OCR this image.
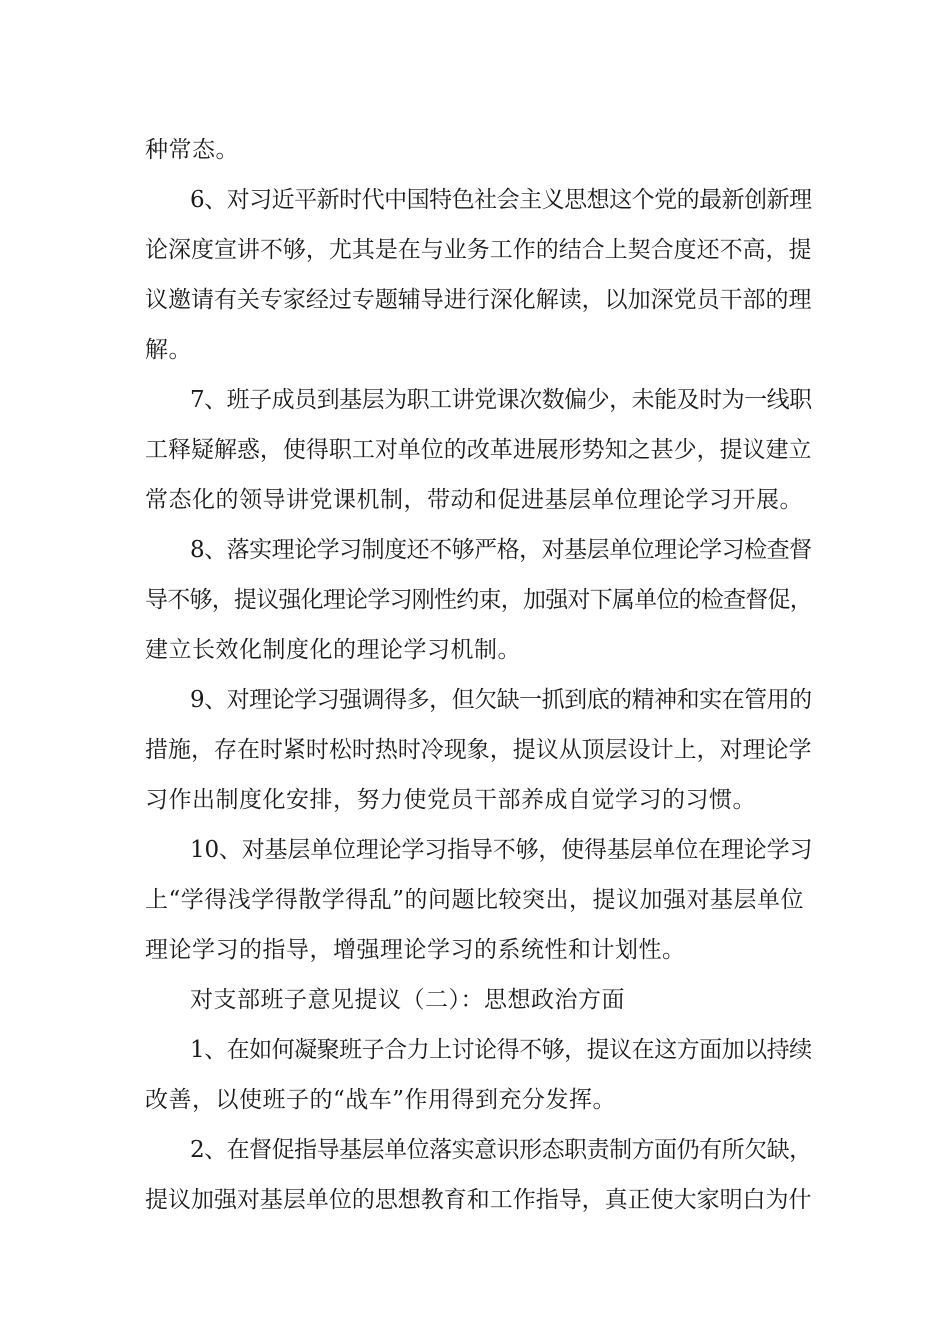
种常态。

6、对习近平新时代中国特色社会主义思想这个党的最新创新理

论深度宣讲不够，尤其是在与业务工作的结合上契合度还不高，提

议邀请有关专家经过专题辅导进行深化解读，以加深党员干部的理

解。

7、班子成员到基层为职工讲党课次数偏少，未能及时为一线职

工释疑解惑，使得职工对单位的改革进展形势知之甚少，提议建立

常态化的领导讲党课机制，带动和促进基层单位理论学习开展。

8、落实理论学习制度还不够严格，对基层单位理论学习检查督

导不够，提议强化理论学习刚性约束，加强对下属单位的检查督促，

建立长效化制度化的理论学习机制。

9、对理论学习强调得多，但欠缺一抓到底的精神和实在管用的

措施，存在时紧时松时热时冷现象，提议从顶层设计上，对理论学

习作出制度化安排，努力使党员干部养成自觉学习的习惯。

10、对基层单位理论学习指导不够，使得基层单位在理论学习

上“学得浅学得散学得乱”的问题比较突出，提议加强对基层单位

理论学习的指导，增强理论学习的系统性和计划性。

对支部班子意见提议（二）：思想政治方面

1、在如何凝聚班子合力上讨论得不够，提议在这方面加以持续

改善，以使班子的“战车”作用得到充分发挥。

2、在督促指导基层单位落实意识形态职责制方面仍有所欠缺，

提议加强对基层单位的思想教育和工作指导，真正使大家明白为什
